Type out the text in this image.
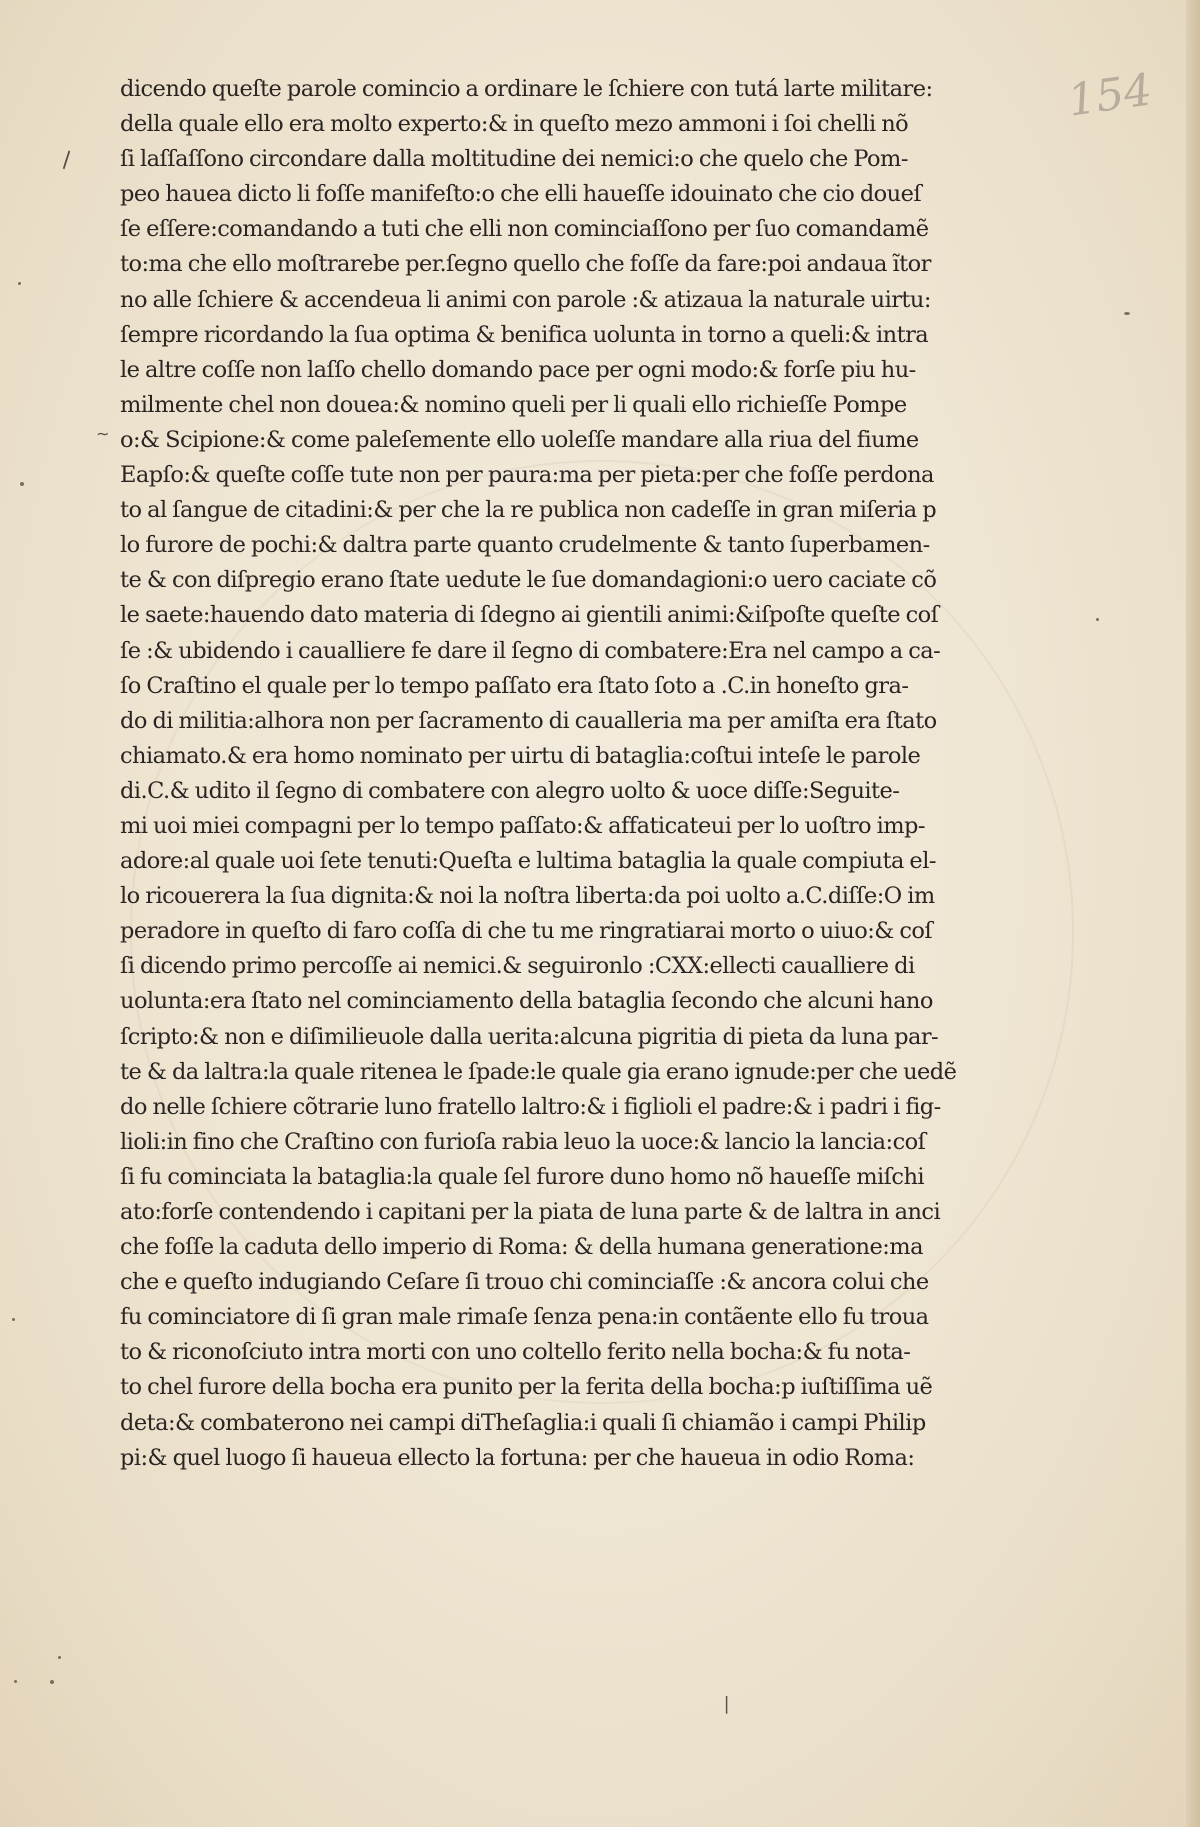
154
∖
∼
∣
dicendo queſte parole comincio a ordinare le ſchiere con tutá larte militare:
della quale ello era molto experto:& in queſto mezo ammoni i ſoi chelli nõ
ſi laſſaſſono circondare dalla moltitudine dei nemici:o che quelo che Pom-
peo hauea dicto li foſſe manifeſto:o che elli haueſſe idouinato che cio doueſ
ſe eſſere:comandando a tuti che elli non cominciaſſono per ſuo comandamẽ
to:ma che ello moſtrarebe per.ſegno quello che foſſe da fare:poi andaua ĩtor
no alle ſchiere & accendeua li animi con parole :& atizaua la naturale uirtu:
ſempre ricordando la ſua optima & benifica uolunta in torno a queli:& intra
le altre coſſe non laſſo chello domando pace per ogni modo:& forſe piu hu-
milmente chel non douea:& nomino queli per li quali ello richieſſe Pompe
o:& Scipione:& come paleſemente ello uoleſſe mandare alla riua del fiume
Eapſo:& queſte coſſe tute non per paura:ma per pieta:per che foſſe perdona
to al ſangue de citadini:& per che la re publica non cadeſſe in gran miſeria p
lo furore de pochi:& daltra parte quanto crudelmente & tanto ſuperbamen-
te & con diſpregio erano ſtate uedute le ſue domandagioni:o uero caciate cõ
le saete:hauendo dato materia di ſdegno ai gientili animi:&iſpoſte queſte coſ
ſe :& ubidendo i caualliere fe dare il ſegno di combatere:Era nel campo a ca-
ſo Craſtino el quale per lo tempo paſſato era ſtato ſoto a .C.in honeſto gra-
do di militia:alhora non per ſacramento di caualleria ma per amiſta era ſtato
chiamato.& era homo nominato per uirtu di bataglia:coſtui inteſe le parole
di.C.& udito il ſegno di combatere con alegro uolto & uoce diſſe:Seguite-
mi uoi miei compagni per lo tempo paſſato:& affaticateui per lo uoſtro imp-
adore:al quale uoi ſete tenuti:Queſta e lultima bataglia la quale compiuta el-
lo ricouerera la ſua dignita:& noi la noſtra liberta:da poi uolto a.C.diſſe:O im
peradore in queſto di faro coſſa di che tu me ringratiarai morto o uiuo:& coſ
ſi dicendo primo percoſſe ai nemici.& seguironlo :CXX:ellecti caualliere di
uolunta:era ſtato nel cominciamento della bataglia ſecondo che alcuni hano
ſcripto:& non e diſimilieuole dalla uerita:alcuna pigritia di pieta da luna par-
te & da laltra:la quale ritenea le ſpade:le quale gia erano ignude:per che uedẽ
do nelle ſchiere cõtrarie luno fratello laltro:& i figlioli el padre:& i padri i fig-
lioli:in fino che Craſtino con furioſa rabia leuo la uoce:& lancio la lancia:coſ
ſi fu cominciata la bataglia:la quale ſel furore duno homo nõ haueſſe miſchi
ato:forſe contendendo i capitani per la piata de luna parte & de laltra in anci
che foſſe la caduta dello imperio di Roma: & della humana generatione:ma
che e queſto indugiando Ceſare ſi trouo chi cominciaſſe :& ancora colui che
fu cominciatore di ſi gran male rimaſe ſenza pena:in contãente ello fu troua
to & riconoſciuto intra morti con uno coltello ferito nella bocha:& fu nota-
to chel furore della bocha era punito per la ferita della bocha:p iuſtiſſima uẽ
deta:& combaterono nei campi diTheſaglia:i quali ſi chiamão i campi Philip
pi:& quel luogo ſi haueua ellecto la fortuna: per che haueua in odio Roma:
